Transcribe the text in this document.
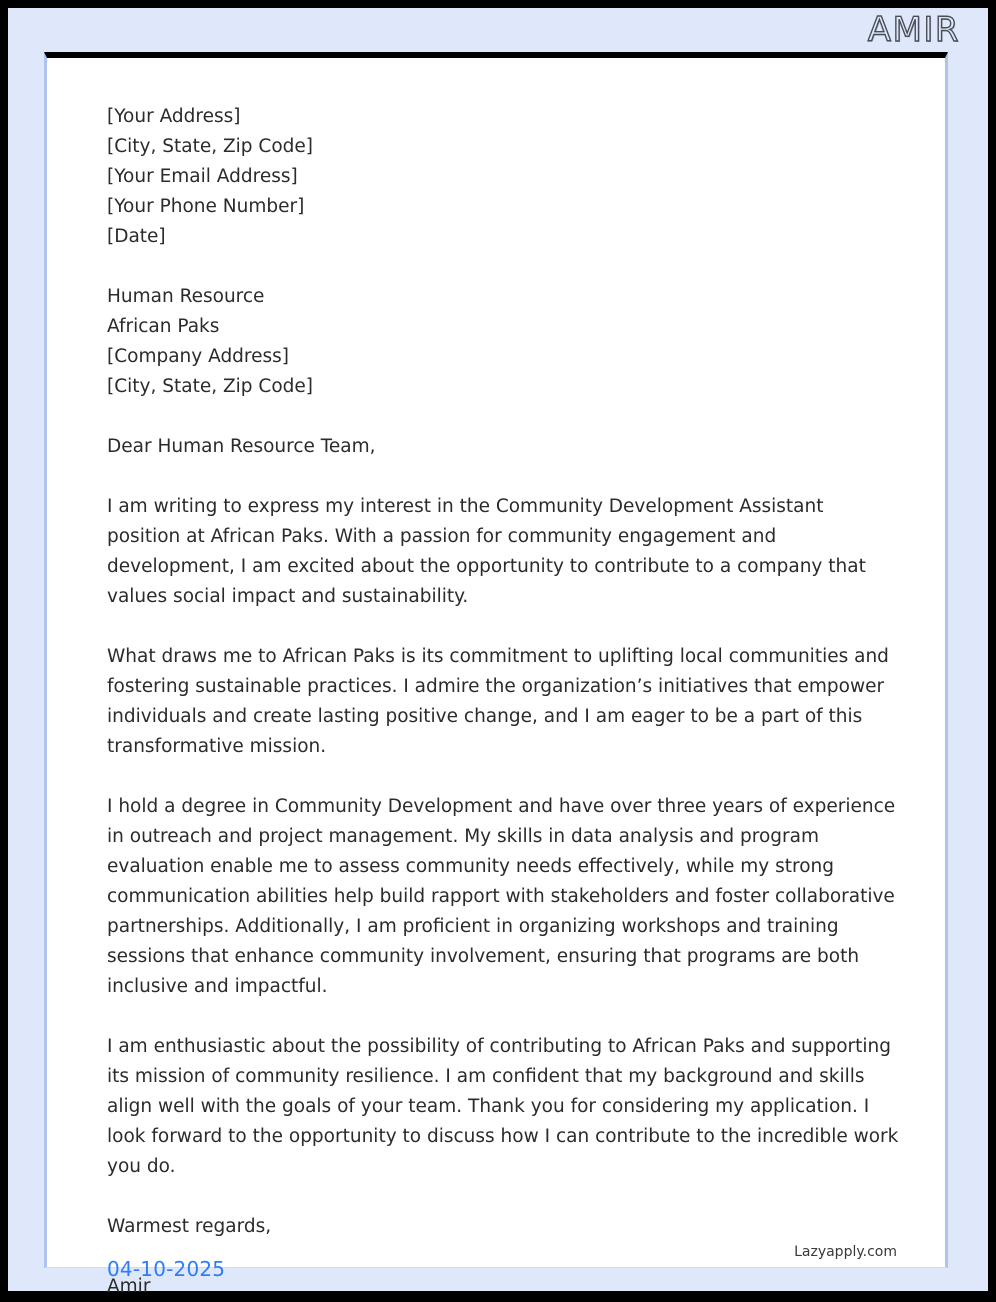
AMIR
[Your Address]
[City, State, Zip Code]
[Your Email Address]
[Your Phone Number]
[Date]
Human Resource
African Paks
[Company Address]
[City, State, Zip Code]
Dear Human Resource Team,
I am writing to express my interest in the Community Development Assistant position at African Paks. With a passion for community engagement and development, I am excited about the opportunity to contribute to a company that values social impact and sustainability.
What draws me to African Paks is its commitment to uplifting local communities and fostering sustainable practices. I admire the organization’s initiatives that empower individuals and create lasting positive change, and I am eager to be a part of this transformative mission.
I hold a degree in Community Development and have over three years of experience in outreach and project management. My skills in data analysis and program evaluation enable me to assess community needs effectively, while my strong communication abilities help build rapport with stakeholders and foster collaborative partnerships. Additionally, I am proficient in organizing workshops and training sessions that enhance community involvement, ensuring that programs are both inclusive and impactful.
I am enthusiastic about the possibility of contributing to African Paks and supporting its mission of community resilience. I am confident that my background and skills align well with the goals of your team. Thank you for considering my application. I look forward to the opportunity to discuss how I can contribute to the incredible work you do.
Warmest regards,
Amir
Lazyapply.com
04-10-2025
